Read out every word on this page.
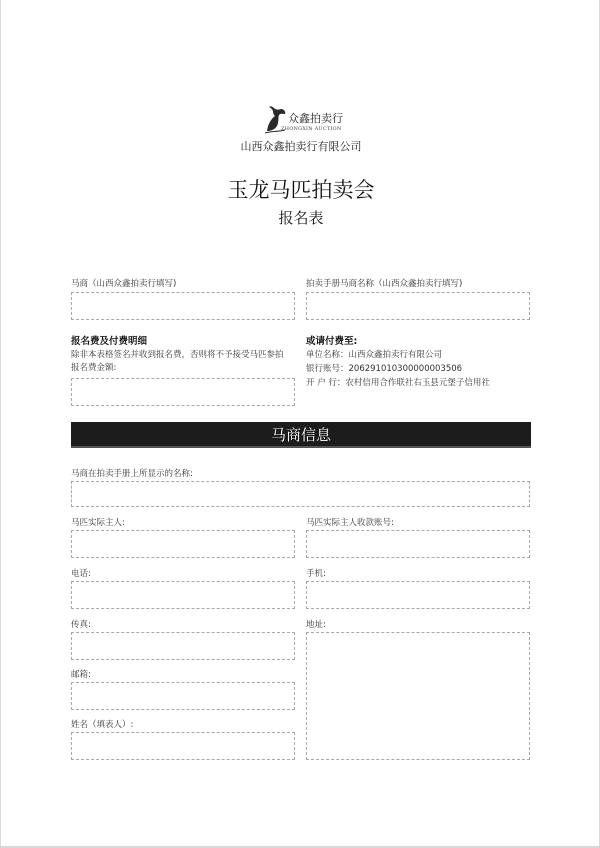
众鑫拍卖行
ZHONGXIN AUCTION
山西众鑫拍卖行有限公司
玉龙马匹拍卖会
报名表
马商（山西众鑫拍卖行填写)	拍卖手册马商名称（山西众鑫拍卖行填写)
报名费及付费明细
除非本表格签名并收到报名费，否则将不予接受马匹参拍
报名费金额:
或请付费至:
单位名称：山西众鑫拍卖行有限公司
银行账号：206291010300000003506
开 户 行：农村信用合作联社右玉县元堡子信用社
马商信息
马商在拍卖手册上所显示的名称:
马匹实际主人:	马匹实际主人收款账号:
电话:	手机:
传真:	地址:
邮箱:
姓名（填表人）:
